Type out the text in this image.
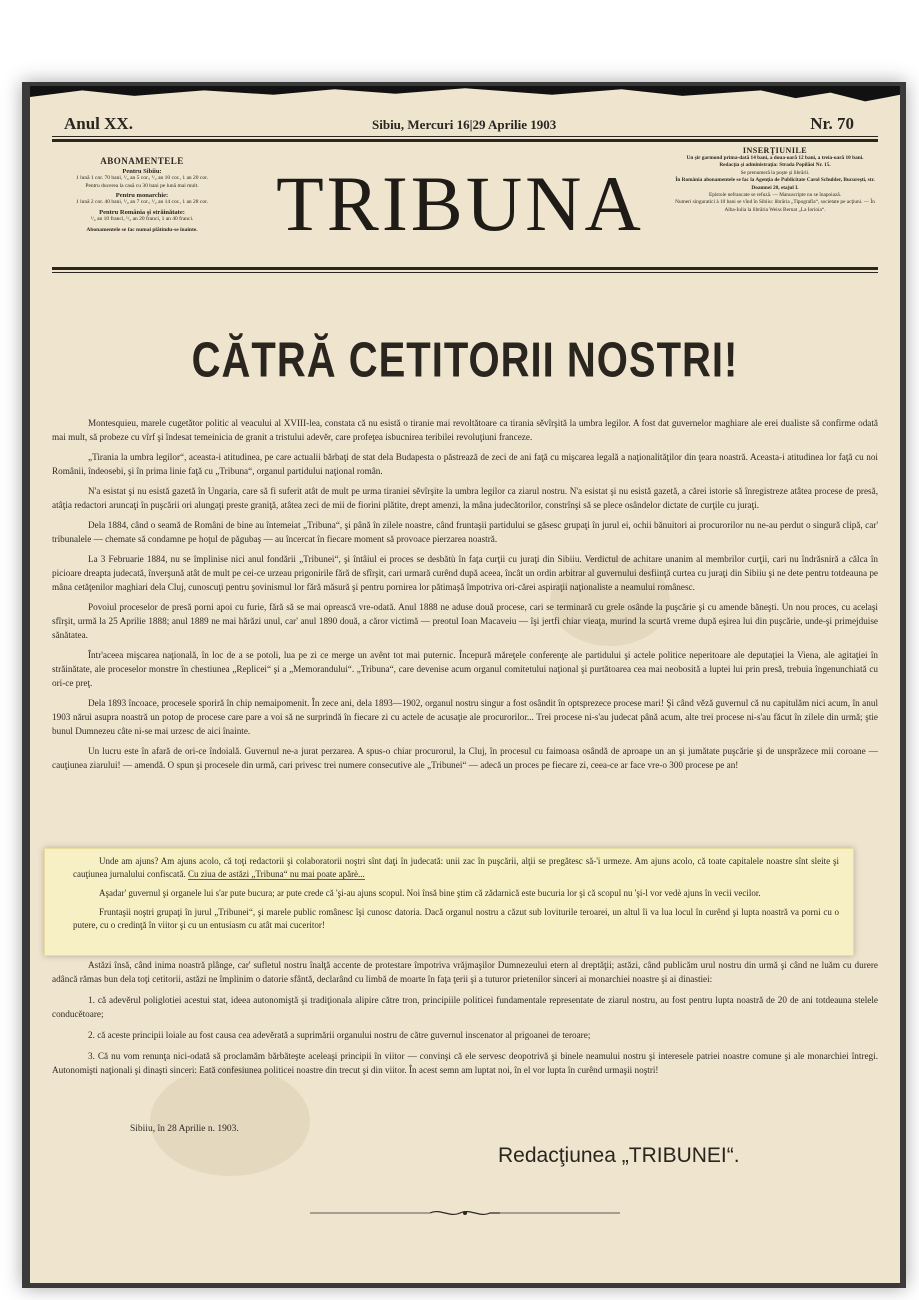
Anul XX.	Sibiu, Mercuri 16|29 Aprilie 1903	Nr. 70
ABONAMENTELE
Pentru Sibiiu:
1 lună 1 cor. 70 bani, ¹/₄ an 5 cor., ¹/₂ an 10 cor., 1 an 20 cor.
Pentru ducerea la casă cu 30 bani pe lună mai mult.
Pentru monarchie:
1 lună 2 cor. 40 bani, ¹/₄ an 7 cor., ¹/₂ an 14 cor., 1 an 28 cor.
Pentru România şi străinătate:
¹/₄ an 10 franci, ¹/₂ an 20 franci, 1 an 40 franci.
Abonamentele se fac numai plătindu-se înainte.	TRIBUNA
INSERŢIUNILE
Un şir garmond prima-dată 14 bani, a doua-oară 12 bani, a treia-oară 10 bani.
Redacţia şi administraţia: Strada Popilăoi Nr. 15.
Se prenumeră la poşte şi librării.
În România abonamentele se fac la Agenţia de Publicitate Carol Schulder, Bucureşti, str. Doamnei 20, etajul I.
Epistole nefrancate se refuză. — Manuscripte nu se înapoiază.
Numeri singuratici à 10 bani se vînd în Sibiiu: librăria „Tipografia“, societate pe acţiuni. — În Alba-Iulia la librăria Weiss Bernat „La Iorioia“.
CĂTRĂ CETITORII NOSTRI!

Montesquieu, marele cugetător politic al veacului al XVIII-lea, constata că nu esistă o tiranie mai revoltătoare ca tirania sěvîrşită la umbra legilor. A fost dat guvernelor maghiare ale erei dualiste să confirme odată mai mult, să probeze cu vîrf şi îndesat temeinicia de granit a tristului adevěr, care profeţea isbucnirea teribilei revoluţiuni franceze.

„Tirania la umbra legilor“, aceasta-i atitudinea, pe care actualii bărbaţi de stat dela Budapesta o păstrează de zeci de ani faţă cu mişcarea legală a naţionalităţilor din ţeara noastră. Aceasta-i atitudinea lor faţă cu noi Românii, îndeosebi, şi în prima linie faţă cu „Tribuna“, organul partidului naţional român.

N'a esistat şi nu esistă gazetă în Ungaria, care să fi suferit atât de mult pe urma tiraniei sěvîrşite la umbra legilor ca ziarul nostru. N'a esistat şi nu esistă gazetă, a cărei istorie să înregistreze atâtea procese de presă, atâţia redactori aruncaţi în puşcării ori alungaţi preste graniţă, atâtea zeci de mii de fiorini plătite, drept amenzi, la mâna judecătorilor, constrînşi să se plece osândelor dictate de curţile cu juraţi.

Dela 1884, când o seamă de Români de bine au întemeiat „Tribuna“, şi până în zilele noastre, când fruntaşii partidului se găsesc grupaţi în jurul ei, ochii bănuitori ai procurorilor nu ne-au perdut o singură clipă, car' tribunalele — chemate să condamne pe hoţul de păgubaş — au încercat în fiecare moment să provoace pierzarea noastră.

La 3 Februarie 1884, nu se împlinise nici anul fondării „Tribunei“, şi întâiul ei proces se desbătù în faţa curţii cu juraţi din Sibiiu. Verdictul de achitare unanim al membrilor curţii, cari nu îndrăsniră a călca în picioare dreapta judecată, înverşună atât de mult pe cei-ce urzeau prigonirile fără de sfîrşit, cari urmară curênd după aceea, încât un ordin arbitrar al guvernului desfiinţă curtea cu juraţi din Sibiiu şi ne dete pentru totdeauna pe mâna cetăţenilor maghiari dela Cluj, cunoscuţi pentru şovinismul lor fără măsură şi pentru pornirea lor pătimaşă împotriva ori-cărei aspiraţii naţionaliste a neamului românesc.

Povoiul proceselor de presă porni apoi cu furie, fără să se mai oprească vre-odată. Anul 1888 ne aduse două procese, cari se terminară cu grele osânde la puşcărie şi cu amende băneşti. Un nou proces, cu acelaşi sfîrşit, urmă la 25 Aprilie 1888; anul 1889 ne mai hărăzi unul, car' anul 1890 două, a căror victimă — preotul Ioan Macaveiu — îşi jertfi chiar vieaţa, murind la scurtă vreme după eşirea lui din puşcărie, unde-şi primejduise sănătatea.

Într'aceea mişcarea naţională, în loc de a se potoli, lua pe zi ce merge un avênt tot mai puternic. Începură măreţele conferenţe ale partidului şi actele politice neperitoare ale deputaţiei la Viena, ale agitaţiei în străinătate, ale proceselor monstre în chestiunea „Replicei“ şi a „Memorandului“. „Tribuna“, care devenise acum organul comitetului naţional şi purtătoarea cea mai neobosită a luptei lui prin presă, trebuia îngenunchiată cu ori-ce preţ.

Dela 1893 încoace, procesele sporiră în chip nemaipomenit. În zece ani, dela 1893—1902, organul nostru singur a fost osândit în optsprezece procese mari! Şi când věză guvernul că nu capitulăm nici acum, în anul 1903 năruì asupra noastră un potop de procese care pare a voi să ne surprindă în fiecare zi cu actele de acusaţie ale procurorilor... Trei procese ni-s'au judecat până acum, alte trei procese ni-s'au făcut în zilele din urmă; ştie bunul Dumnezeu câte ni-se mai urzesc de aici înainte.

Un lucru este în afară de ori-ce îndoială. Guvernul ne-a jurat perzarea. A spus-o chiar procurorul, la Cluj, în procesul cu faimoasa osândă de aproape un an şi jumătate puşcărie şi de unsprăzece mii coroane — cauţiunea ziarului! — amendă. O spun şi procesele din urmă, cari privesc trei numere consecutive ale „Tribunei“ — adecă un proces pe fiecare zi, ceea-ce ar face vre-o 300 procese pe an!

Unde am ajuns? Am ajuns acolo, că toţi redactorii şi colaboratorii noştri sînt daţi în judecată: unii zac în puşcării, alţii se pregătesc să-'i urmeze. Am ajuns acolo, că toate capitalele noastre sînt sleite şi cauţiunea jurnalului confiscată. Cu ziua de astăzi „Tribuna“ nu mai poate apărè...

Aşadar' guvernul şi organele lui s'ar pute bucura; ar pute crede că 'şi-au ajuns scopul. Noi însă bine ştim că zădarnică este bucuria lor şi că scopul nu 'şi-l vor vedè ajuns în vecii vecilor.

Fruntaşii noştri grupaţi în jurul „Tribunei“, şi marele public românesc îşi cunosc datoria. Dacă organul nostru a căzut sub loviturile teroarei, un altul îi va lua locul în curênd şi lupta noastră va porni cu o putere, cu o credinţă în viitor şi cu un entusiasm cu atât mai cuceritor!

Astăzi însă, când inima noastră plânge, car' sufletul nostru înalţă accente de protestare împotriva vrăjmaşilor Dumnezeului etern al dreptăţii; astăzi, când publicăm urul nostru din urmă şi când ne luăm cu durere adâncă rămas bun dela toţi cetitorii, astăzi ne împlinim o datorie sfântă, declarând cu limbă de moarte în faţa ţerii şi a tuturor prietenilor sinceri ai monarchiei noastre şi ai dinastiei:

1. că adevěrul poliglotiei acestui stat, ideea autonomiştă şi tradiţionala alipire către tron, principiile politicei fundamentale representate de ziarul nostru, au fost pentru lupta noastră de 20 de ani totdeauna stelele conducĕtoare;

2. că aceste principii loiale au fost causa cea adevěrată a suprimării organului nostru de către guvernul inscenator al prigoanei de teroare;

3. Că nu vom renunţa nici-odată să proclamăm bărbăteşte aceleaşi principii în viitor — convinşi că ele servesc deopotrivă şi binele neamului nostru şi interesele patriei noastre comune şi ale monarchiei întregi. Autonomişti naţionali şi dinaşti sinceri: Eată confesiunea politicei noastre din trecut şi din viitor. În acest semn am luptat noi, în el vor lupta în curênd urmaşii noştri!

Sibiiu, în 28 Aprilie n. 1903.
Redacţiunea „TRIBUNEI“.
